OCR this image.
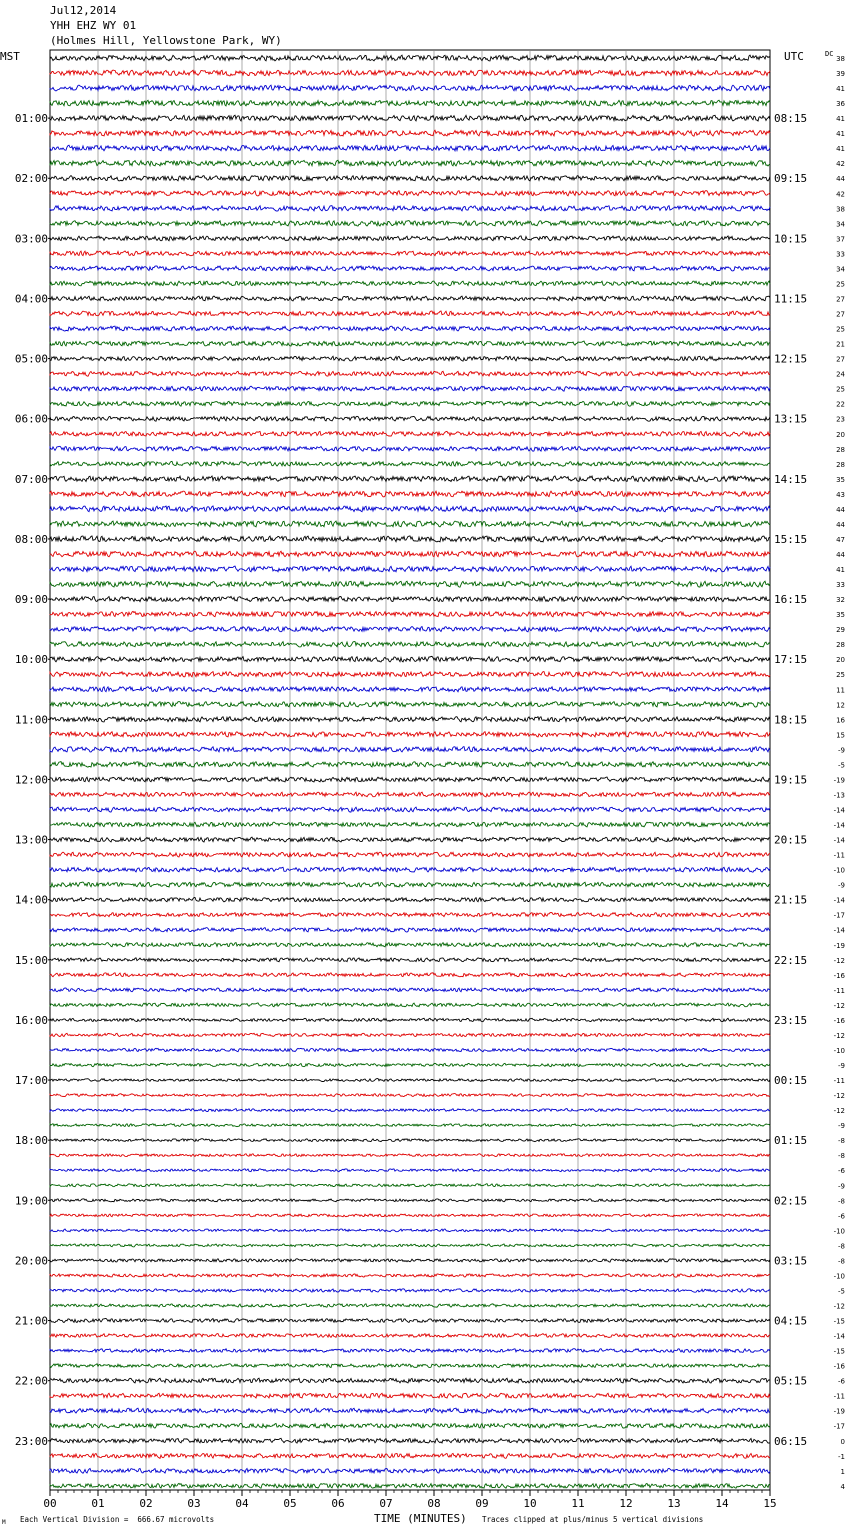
Jul12,2014
YHH EHZ WY 01
(Holmes Hill, Yellowstone Park, WY)
MST	UTC	DC
01:00
02:00
03:00
04:00
05:00
06:00
07:00
08:00
09:00
10:00
11:00
12:00
13:00
14:00
15:00
16:00
17:00
18:00
19:00
20:00
21:00
22:00
23:00
08:15
09:15
10:15
11:15
12:15
13:15
14:15
15:15
16:15
17:15
18:15
19:15
20:15
21:15
22:15
23:15
00:15
01:15
02:15
03:15
04:15
05:15
06:15
38
39
41
36
41
41
41
42
44
42
38
34
37
33
34
25
27
27
25
21
27
24
25
22
23
20
28
28
35
43
44
44
47
44
41
33
32
35
29
28
20
25
11
12
16
15
-9
-5
-19
-13
-14
-14
-14
-11
-10
-9
-14
-17
-14
-19
-12
-16
-11
-12
-16
-12
-10
-9
-11
-12
-12
-9
-8
-8
-6
-9
-8
-6
-10
-8
-8
-10
-5
-12
-15
-14
-15
-16
-6
-11
-19
-17
0
-1
1
4
00	01	02	03	04	05	06	07	08	09	10	11	12	13	14	15
M Each Vertical Division =  666.67 microvolts	TIME (MINUTES) Traces clipped at plus/minus 5 vertical divisions
